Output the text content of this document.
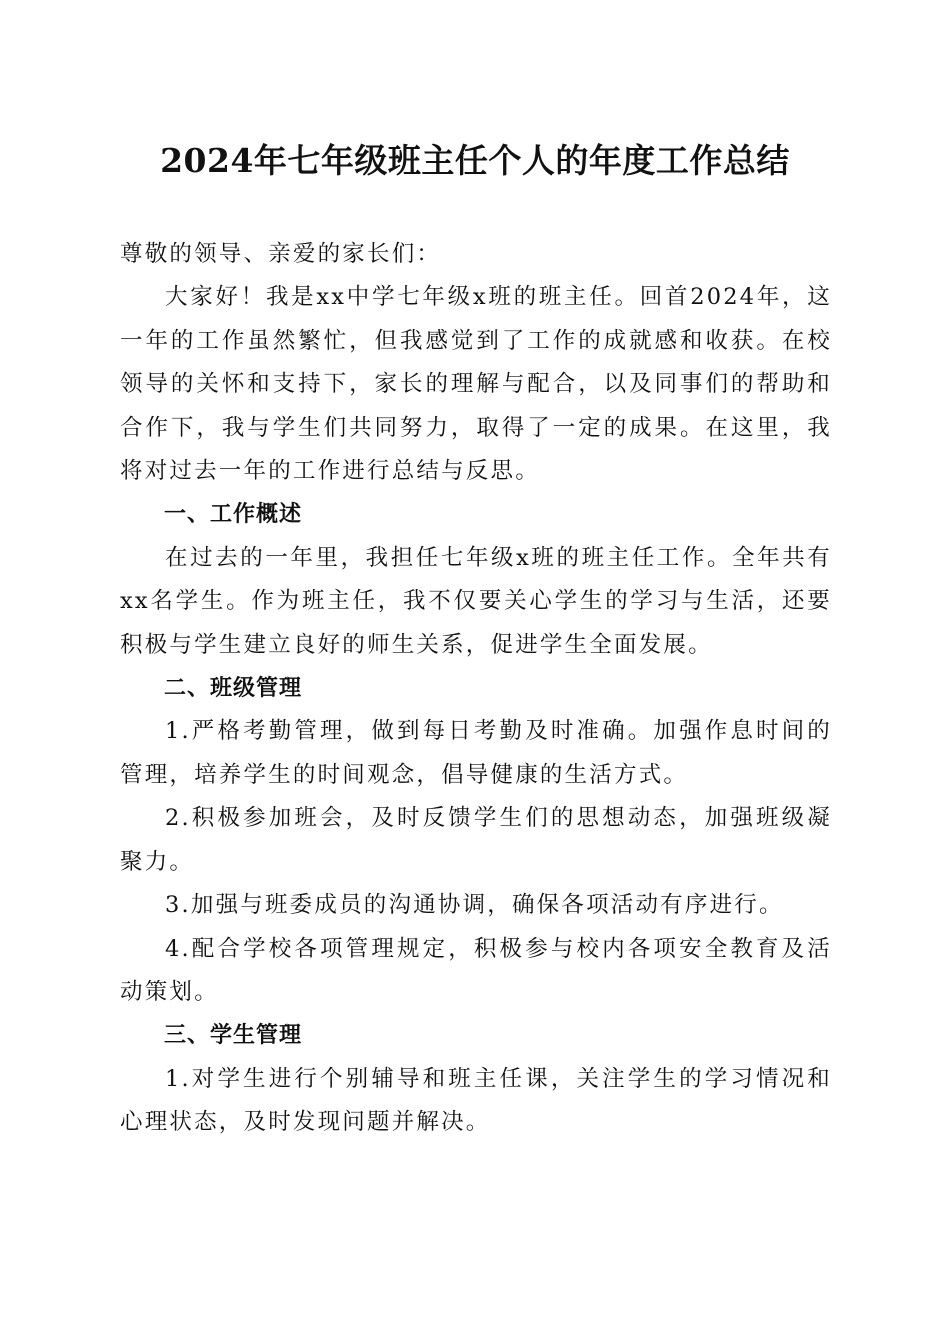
2024年七年级班主任个人的年度工作总结

尊敬的领导、亲爱的家长们：

大家好！我是xx中学七年级x班的班主任。回首2024年，这一年的工作虽然繁忙，但我感觉到了工作的成就感和收获。在校领导的关怀和支持下，家长的理解与配合，以及同事们的帮助和合作下，我与学生们共同努力，取得了一定的成果。在这里，我将对过去一年的工作进行总结与反思。

一、工作概述

在过去的一年里，我担任七年级x班的班主任工作。全年共有xx名学生。作为班主任，我不仅要关心学生的学习与生活，还要积极与学生建立良好的师生关系，促进学生全面发展。

二、班级管理

1.严格考勤管理，做到每日考勤及时准确。加强作息时间的管理，培养学生的时间观念，倡导健康的生活方式。

2.积极参加班会，及时反馈学生们的思想动态，加强班级凝聚力。

3.加强与班委成员的沟通协调，确保各项活动有序进行。

4.配合学校各项管理规定，积极参与校内各项安全教育及活动策划。

三、学生管理

1.对学生进行个别辅导和班主任课，关注学生的学习情况和心理状态，及时发现问题并解决。
